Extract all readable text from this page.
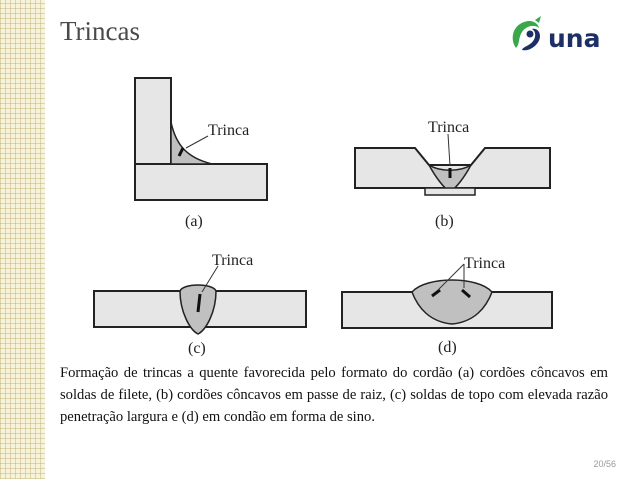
Trincas	una
Trinca
(a)
Trinca
(b)
Trinca
(c)
Trinca
(d)

Formação de trincas a quente favorecida pelo formato do cordão (a) cordões côncavos em soldas de filete, (b) cordões côncavos em passe de raiz, (c) soldas de topo com elevada razão penetração largura e (d) em condão em forma de sino.

20/56
